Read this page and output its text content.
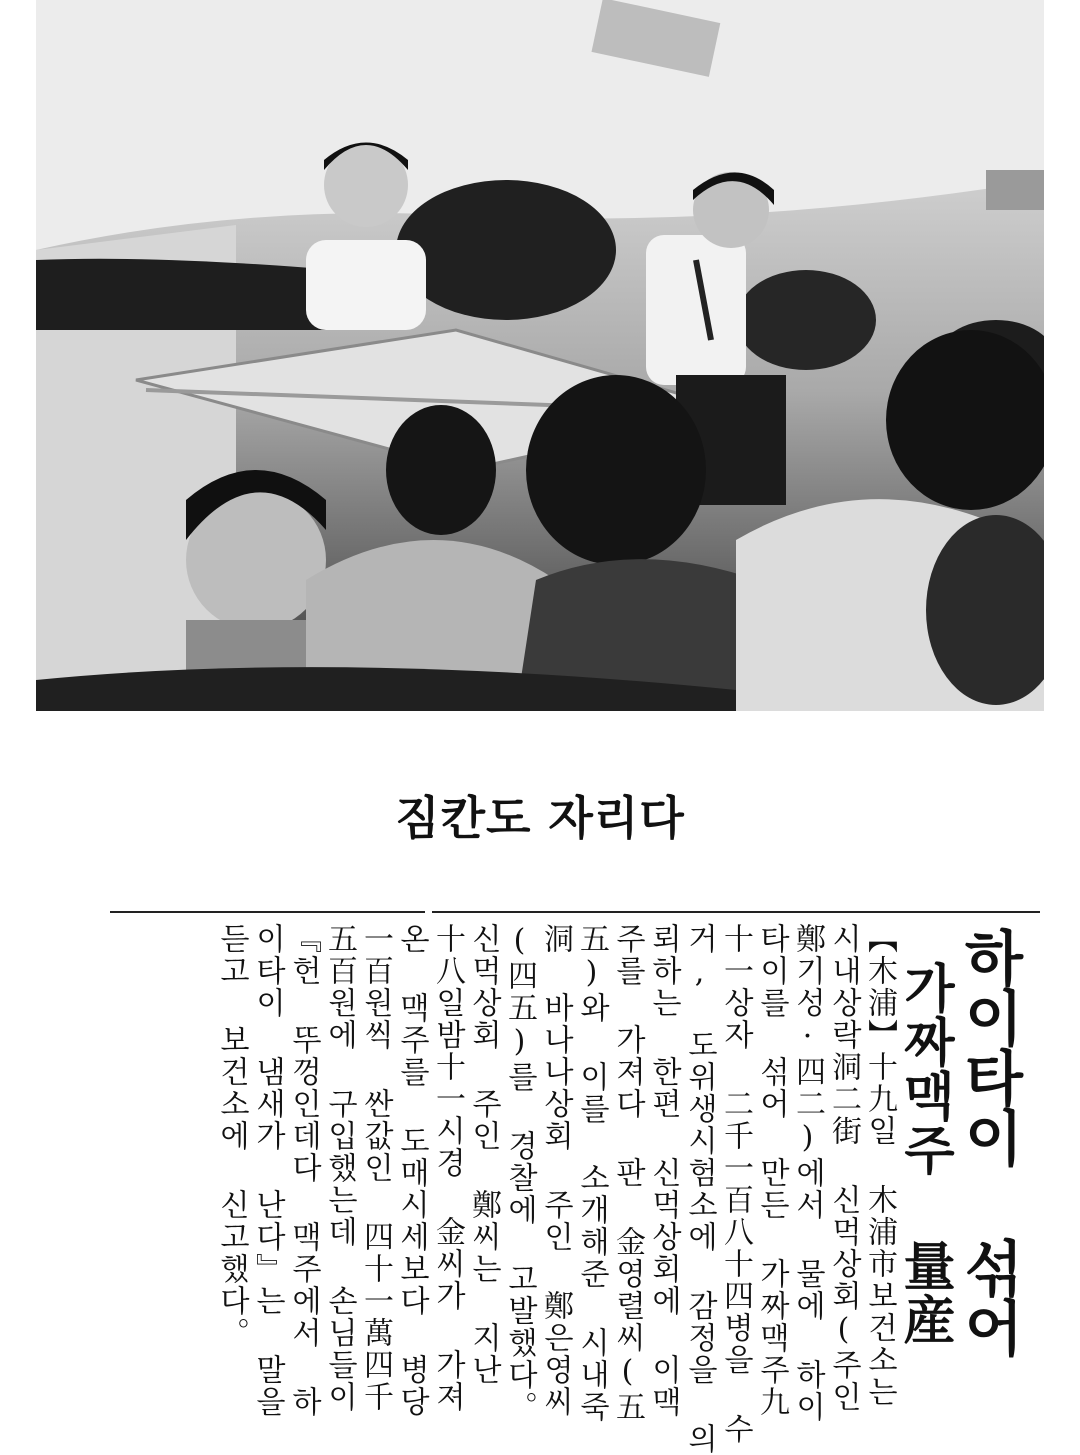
짐칸도 자리다
하이타이 섞어
가짜맥주 量産
【木浦】十九일 木浦市보건소는
시내상락洞二街 신먹상회(주인
鄭기성·四二)에서 물에 하이
타이를 섞어 만든 가짜맥주九
十一상자 二千一百八十四병을 수
거, 도위생시험소에 감정을 의
뢰하는 한편 신먹상회에 이맥
주를 가져다 판 金영렬씨(五
五)와 이를 소개해준 시내죽
洞 바나나상회 주인 鄭은영씨
(四五)를 경찰에 고발했다。
신먹상회 주인 鄭씨는 지난
十八일밤十一시경 金씨가 가져
온 맥주를 도매시세보다 병당
一百원씩 싼값인 四十一萬四千
五百원에 구입했는데 손님들이
『헌 뚜껑인데다 맥주에서 하
이타이 냄새가 난다』는 말을
듣고 보건소에 신고했다。
